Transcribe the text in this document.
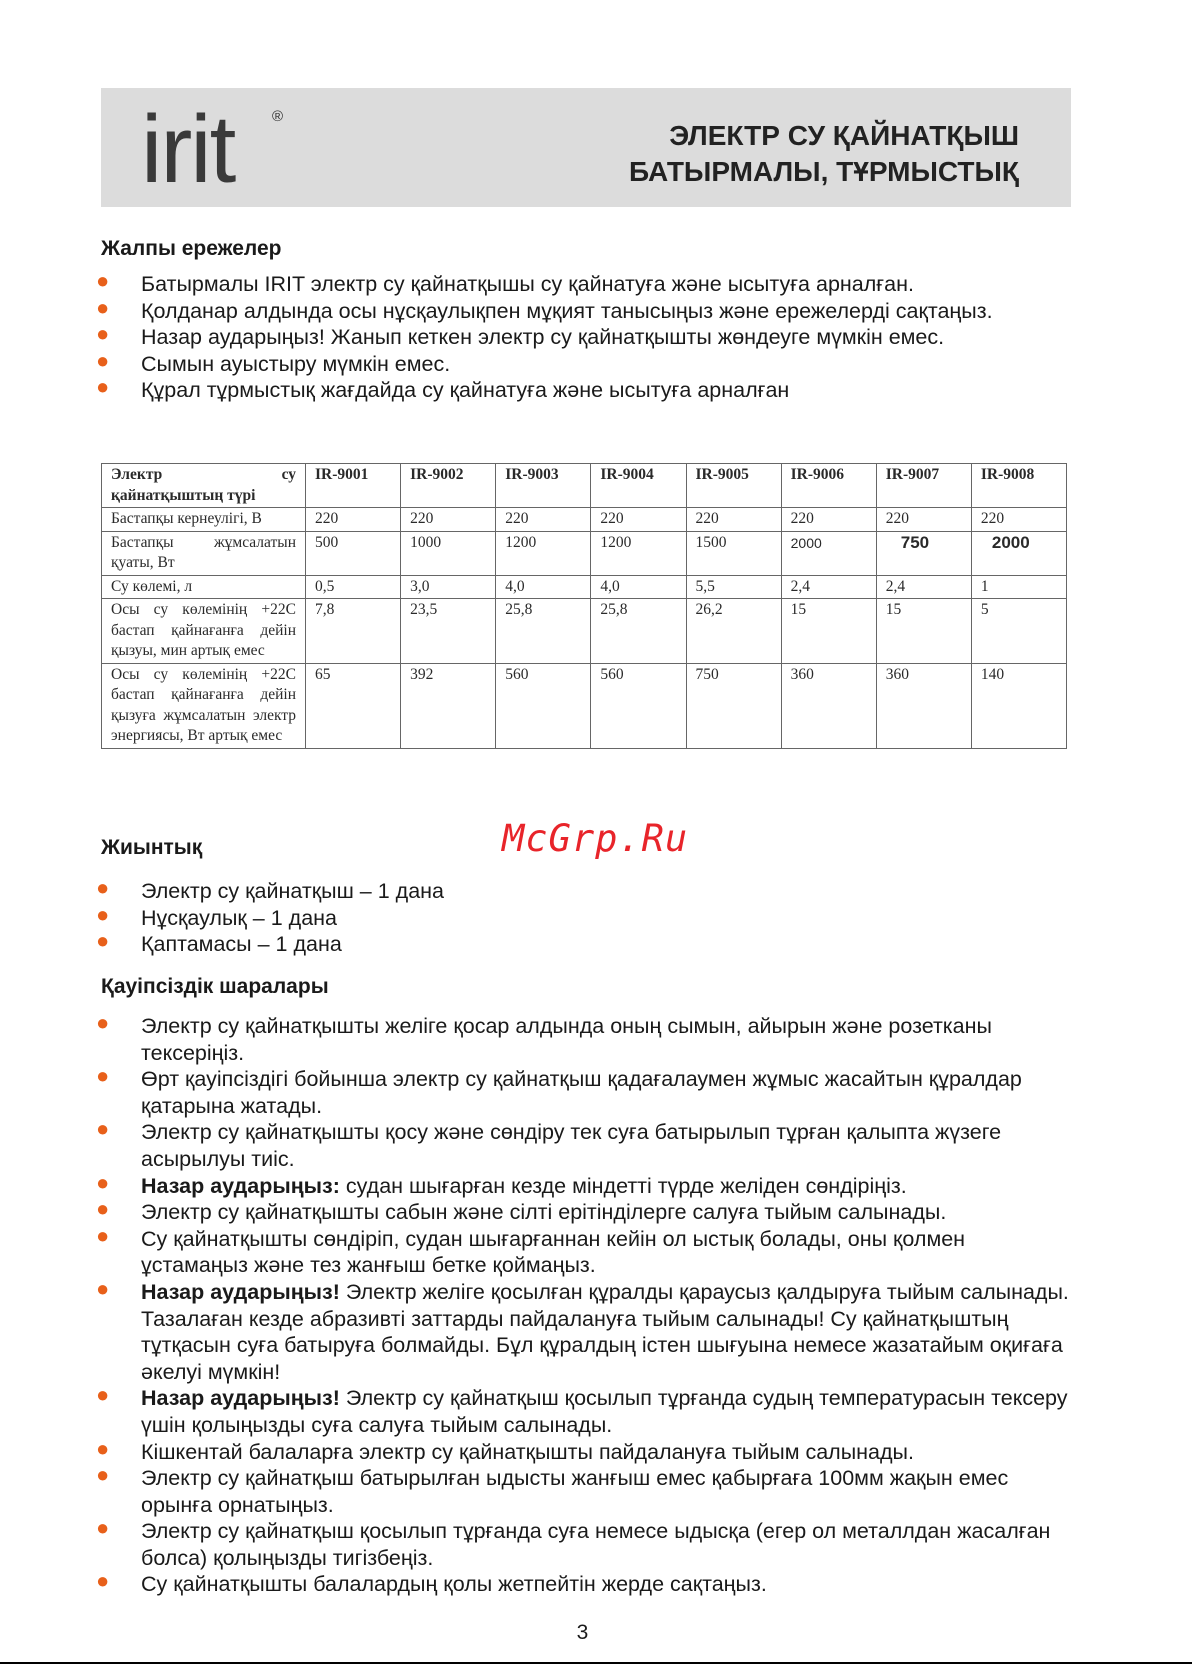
irit	®
ЭЛЕКТР СУ ҚАЙНАТҚЫШ
БАТЫРМАЛЫ, ТҰРМЫСТЫҚ
Жалпы ережелер
● Батырмалы IRIT электр су қайнатқышы су қайнатуға және ысытуға арналған.
● Қолданар алдында осы нұсқаулықпен мұқият танысыңыз және ережелерді сақтаңыз.
● Назар аударыңыз! Жанып кеткен электр су қайнатқышты жөндеуге мүмкін емес.
● Сымын ауыстыру мүмкін емес.
● Құрал тұрмыстық жағдайда су қайнатуға және ысытуға арналған
Электр су қайнатқыштың түрі	IR-9001	IR-9002	IR-9003	IR-9004	IR-9005	IR-9006	IR-9007	IR-9008

Бастапқы кернеулігі, В	220	220	220	220	220	220	220	220

Бастапқы жұмсалатын қуаты, Вт	500	1000	1200	1200	1500	2000	750	2000

Су көлемі, л	0,5	3,0	4,0	4,0	5,5	2,4	2,4	1

Осы су көлемінің +22С бастап қайнағанға дейін қызуы, мин артық емес	7,8	23,5	25,8	25,8	26,2	15	15	5

Осы су көлемінің +22С бастап қайнағанға дейін қызуға жұмсалатын электр энергиясы, Вт артық емес	65	392	560	560	750	360	360	140
McGrp.Ru
Жиынтық
● Электр су қайнатқыш – 1 дана
● Нұсқаулық – 1 дана
● Қаптамасы – 1 дана
Қауіпсіздік шаралары
● Электр су қайнатқышты желіге қосар алдында оның сымын, айырын және розетканы тексеріңіз.
● Өрт қауіпсіздігі бойынша электр су қайнатқыш қадағалаумен жұмыс жасайтын құралдар қатарына жатады.
● Электр су қайнатқышты қосу және сөндіру тек суға батырылып тұрған қалыпта жүзеге асырылуы тиіс.
● Назар аударыңыз: судан шығарған кезде міндетті түрде желіден сөндіріңіз.
● Электр су қайнатқышты сабын және сілті ерітінділерге салуға тыйым салынады.
● Су қайнатқышты сөндіріп, судан шығарғаннан кейін ол ыстық болады, оны қолмен ұстамаңыз және тез жанғыш бетке қоймаңыз.
● Назар аударыңыз! Электр желіге қосылған құралды қараусыз қалдыруға тыйым салынады. Тазалаған кезде абразивті заттарды пайдалануға тыйым салынады! Су қайнатқыштың тұтқасын суға батыруға болмайды. Бұл құралдың істен шығуына немесе жазатайым оқиғаға әкелуі мүмкін!
● Назар аударыңыз! Электр су қайнатқыш қосылып тұрғанда судың температурасын тексеру үшін қолыңызды суға салуға тыйым салынады.
● Кішкентай балаларға электр су қайнатқышты пайдалануға тыйым салынады.
● Электр су қайнатқыш батырылған ыдысты жанғыш емес қабырғаға 100мм жақын емес орынға орнатыңыз.
● Электр су қайнатқыш қосылып тұрғанда суға немесе ыдысқа (егер ол металлдан жасалған болса) қолыңызды тигізбеңіз.
● Су қайнатқышты балалардың қолы жетпейтін жерде сақтаңыз.
3
